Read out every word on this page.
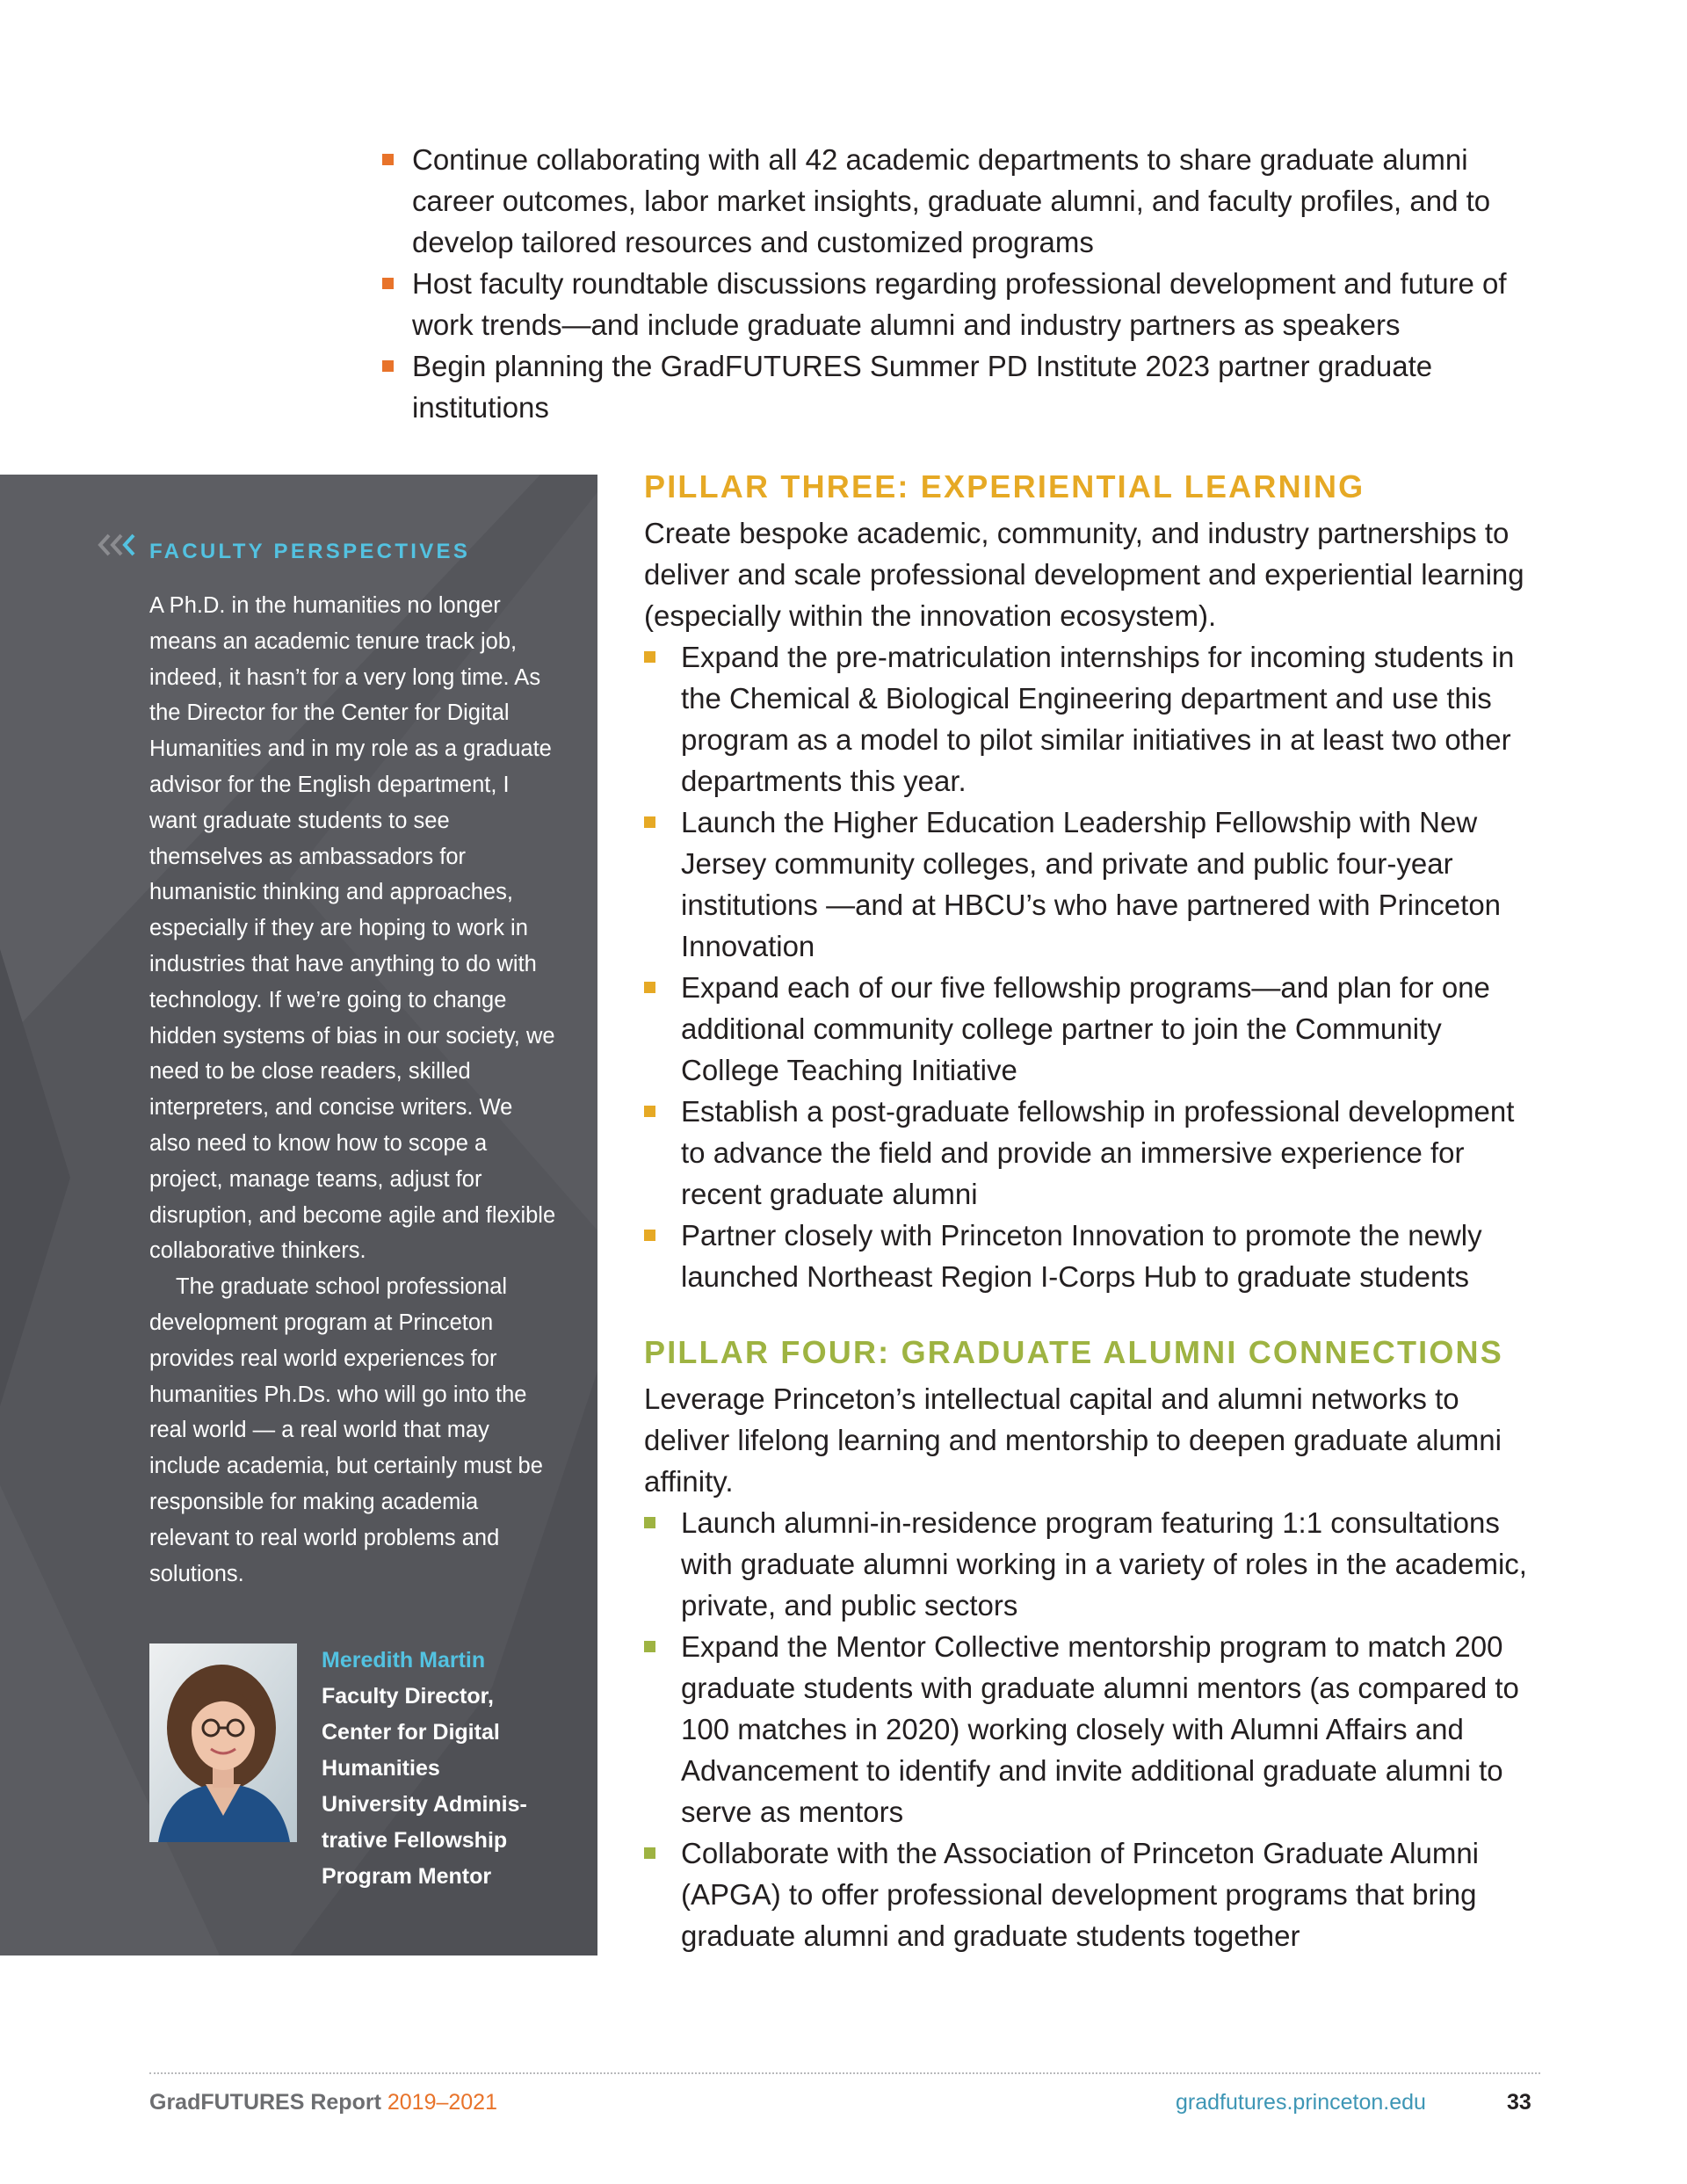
Continue collaborating with all 42 academic departments to share graduate alumni career outcomes, labor market insights, graduate alumni, and faculty profiles, and to develop tailored resources and customized programs
Host faculty roundtable discussions regarding professional development and future of work trends—and include graduate alumni and industry partners as speakers
Begin planning the GradFUTURES Summer PD Institute 2023 partner graduate institutions
FACULTY PERSPECTIVES

A Ph.D. in the humanities no longer means an academic tenure track job, indeed, it hasn’t for a very long time. As the Director for the Center for Digital Humanities and in my role as a graduate advisor for the English department, I want graduate students to see themselves as ambassadors for humanistic thinking and approaches, especially if they are hoping to work in industries that have anything to do with technology. If we’re going to change hidden systems of bias in our society, we need to be close readers, skilled interpreters, and concise writers. We also need to know how to scope a project, manage teams, adjust for disruption, and become agile and flexible collaborative thinkers.

The graduate school professional development program at Princeton provides real world experiences for humanities Ph.Ds. who will go into the real world — a real world that may include academia, but certainly must be responsible for making academia relevant to real world problems and solutions.

Meredith Martin
Faculty Director,
Center for Digital
Humanities
University Adminis-
trative Fellowship
Program Mentor
PILLAR THREE: EXPERIENTIAL LEARNING
Create bespoke academic, community, and industry partnerships to deliver and scale professional development and experiential learning (especially within the innovation ecosystem).
Expand the pre-matriculation internships for incoming students in the Chemical & Biological Engineering department and use this program as a model to pilot similar initiatives in at least two other departments this year.
Launch the Higher Education Leadership Fellowship with New Jersey community colleges, and private and public four-year institutions —and at HBCU’s who have partnered with Princeton Innovation
Expand each of our five fellowship programs—and plan for one additional community college partner to join the Community College Teaching Initiative
Establish a post-graduate fellowship in professional development to advance the field and provide an immersive experience for recent graduate alumni
Partner closely with Princeton Innovation to promote the newly launched Northeast Region I-Corps Hub to graduate students
PILLAR FOUR: GRADUATE ALUMNI CONNECTIONS
Leverage Princeton’s intellectual capital and alumni networks to deliver lifelong learning and mentorship to deepen graduate alumni affinity.
Launch alumni-in-residence program featuring 1:1 consultations with graduate alumni working in a variety of roles in the academic, private, and public sectors
Expand the Mentor Collective mentorship program to match 200 graduate students with graduate alumni mentors (as compared to 100 matches in 2020) working closely with Alumni Affairs and Advancement to identify and invite additional graduate alumni to serve as mentors
Collaborate with the Association of Princeton Graduate Alumni (APGA) to offer professional development programs that bring graduate alumni and graduate students together
GradFUTURES Report 2019–2021	gradfutures.princeton.edu	33
